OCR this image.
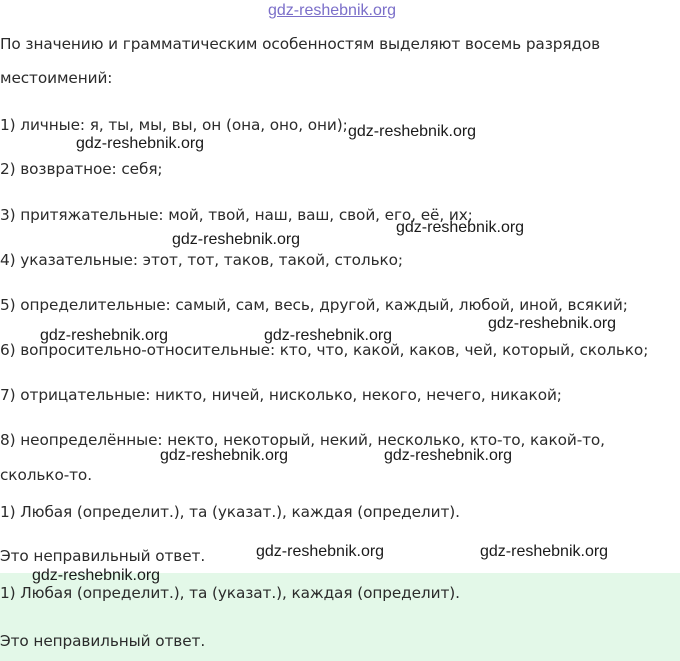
gdz-reshebnik.org

По значению и грамматическим особенностям выделяют восемь разрядов

местоимений:

1) личные: я, ты, мы, вы, он (она, оно, они);

2) возвратное: себя;

3) притяжательные: мой, твой, наш, ваш, свой, его, её, их;

4) указательные: этот, тот, таков, такой, столько;

5) определительные: самый, сам, весь, другой, каждый, любой, иной, всякий;

6) вопросительно-относительные: кто, что, какой, каков, чей, который, сколько;

7) отрицательные: никто, ничей, нисколько, некого, нечего, никакой;

8) неопределённые: некто, некоторый, некий, несколько, кто-то, какой-то,

сколько-то.

1) Любая (определит.), та (указат.), каждая (определит).

Это неправильный ответ.

1) Любая (определит.), та (указат.), каждая (определит).

Это неправильный ответ.

gdz-reshebnik.org
gdz-reshebnik.org
gdz-reshebnik.org
gdz-reshebnik.org
gdz-reshebnik.org
gdz-reshebnik.org	gdz-reshebnik.org
gdz-reshebnik.org	gdz-reshebnik.org
gdz-reshebnik.org	gdz-reshebnik.org
gdz-reshebnik.org
